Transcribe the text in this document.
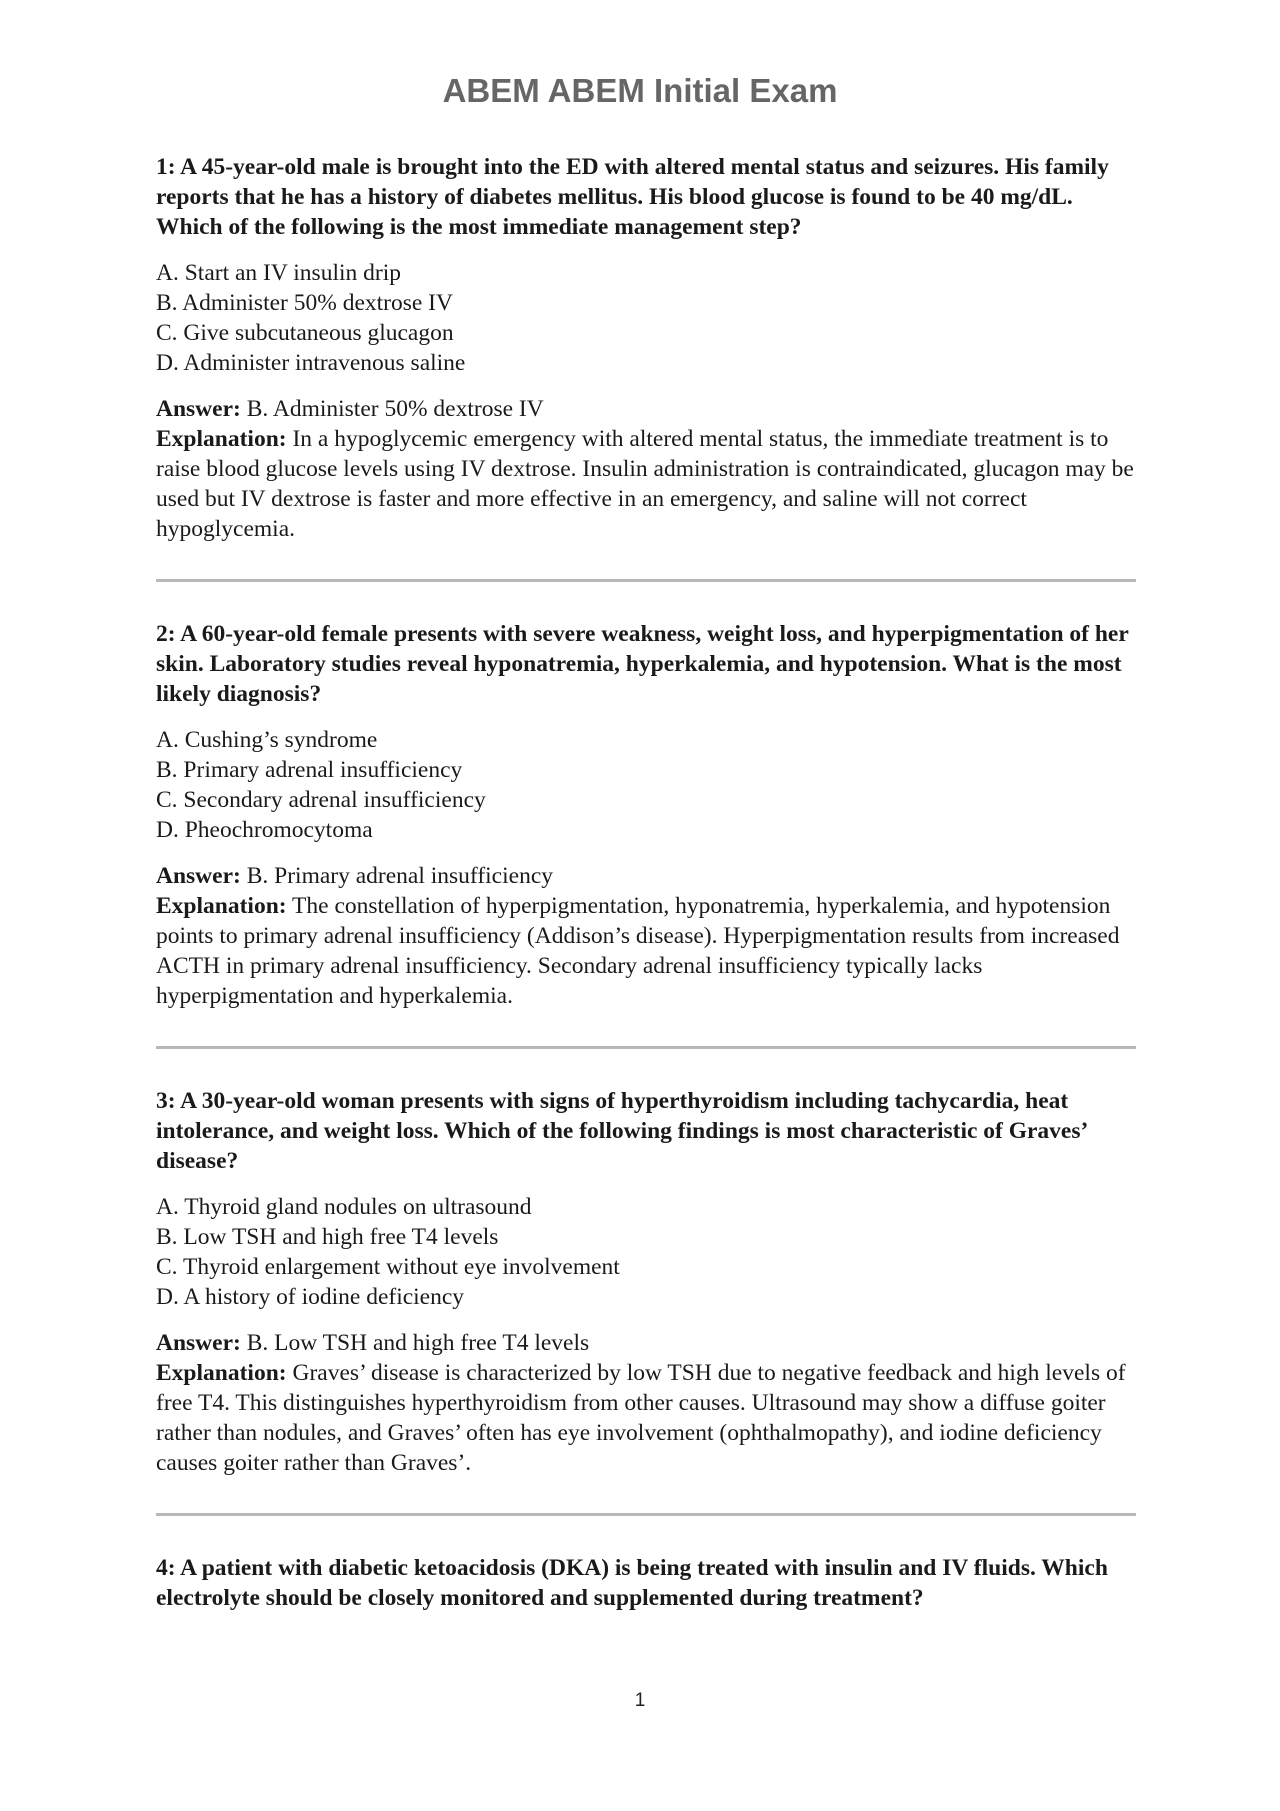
ABEM ABEM Initial Exam

1: A 45-year-old male is brought into the ED with altered mental status and seizures. His family reports that he has a history of diabetes mellitus. His blood glucose is found to be 40 mg/dL. Which of the following is the most immediate management step?

A. Start an IV insulin drip
B. Administer 50% dextrose IV
C. Give subcutaneous glucagon
D. Administer intravenous saline

Answer: B. Administer 50% dextrose IV

Explanation: In a hypoglycemic emergency with altered mental status, the immediate treatment is to raise blood glucose levels using IV dextrose. Insulin administration is contraindicated, glucagon may be used but IV dextrose is faster and more effective in an emergency, and saline will not correct hypoglycemia.

2: A 60-year-old female presents with severe weakness, weight loss, and hyperpigmentation of her skin. Laboratory studies reveal hyponatremia, hyperkalemia, and hypotension. What is the most likely diagnosis?

A. Cushing’s syndrome
B. Primary adrenal insufficiency
C. Secondary adrenal insufficiency
D. Pheochromocytoma

Answer: B. Primary adrenal insufficiency

Explanation: The constellation of hyperpigmentation, hyponatremia, hyperkalemia, and hypotension points to primary adrenal insufficiency (Addison’s disease). Hyperpigmentation results from increased ACTH in primary adrenal insufficiency. Secondary adrenal insufficiency typically lacks hyperpigmentation and hyperkalemia.

3: A 30-year-old woman presents with signs of hyperthyroidism including tachycardia, heat intolerance, and weight loss. Which of the following findings is most characteristic of Graves’ disease?

A. Thyroid gland nodules on ultrasound
B. Low TSH and high free T4 levels
C. Thyroid enlargement without eye involvement
D. A history of iodine deficiency

Answer: B. Low TSH and high free T4 levels

Explanation: Graves’ disease is characterized by low TSH due to negative feedback and high levels of free T4. This distinguishes hyperthyroidism from other causes. Ultrasound may show a diffuse goiter rather than nodules, and Graves’ often has eye involvement (ophthalmopathy), and iodine deficiency causes goiter rather than Graves’.

4: A patient with diabetic ketoacidosis (DKA) is being treated with insulin and IV fluids. Which electrolyte should be closely monitored and supplemented during treatment?

1
